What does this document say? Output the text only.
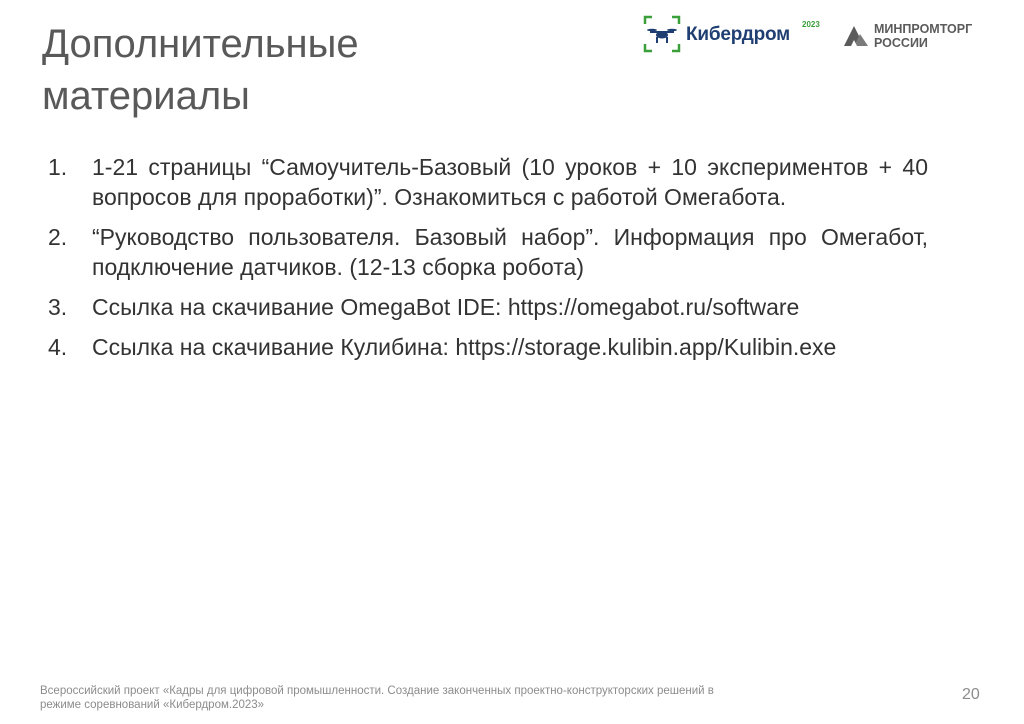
Дополнительные
материалы
Кибердром 2023	МИНПРОМТОРГ
РОССИИ
1. 1-21 страницы “Самоучитель-Базовый (10 уроков + 10 экспериментов + 40 вопросов для проработки)”. Ознакомиться с работой Омегабота.
2. “Руководство пользователя. Базовый набор”. Информация про Омегабот, подключение датчиков. (12-13 сборка робота)
3. Ссылка на скачивание OmegaBot IDE: https://omegabot.ru/software
4. Ссылка на скачивание Кулибина: https://storage.kulibin.app/Kulibin.exe
Всероссийский проект «Кадры для цифровой промышленности. Создание законченных проектно-конструкторских решений в режиме соревнований «Кибердром.2023»
20
